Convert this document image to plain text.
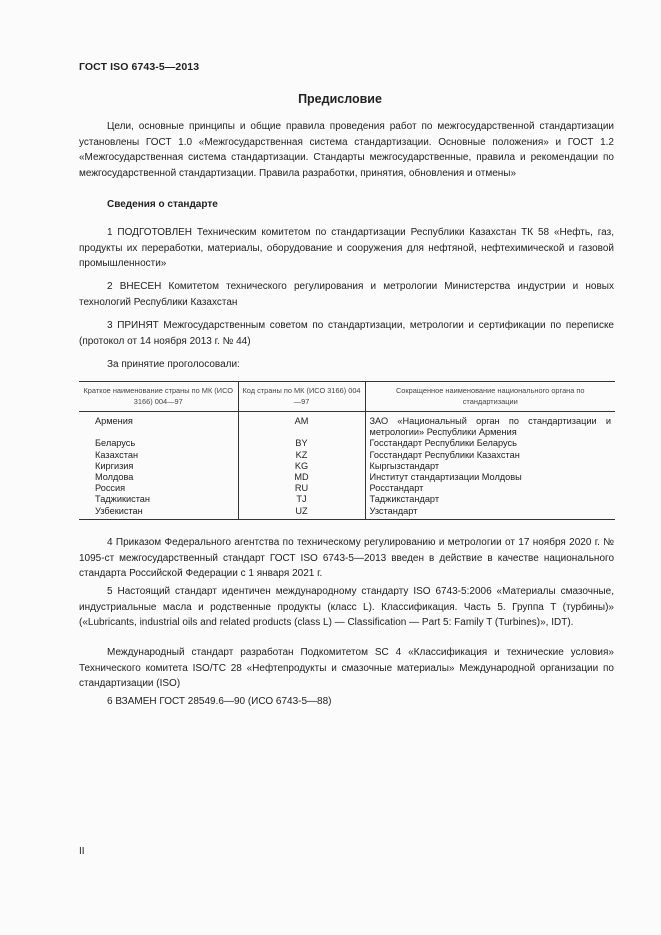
ГОСТ ISO 6743-5—2013
Предисловие
Цели, основные принципы и общие правила проведения работ по межгосударственной стандартизации установлены ГОСТ 1.0 «Межгосударственная система стандартизации. Основные положения» и ГОСТ 1.2 «Межгосударственная система стандартизации. Стандарты межгосударственные, правила и рекомендации по межгосударственной стандартизации. Правила разработки, принятия, обновления и отмены»
Сведения о стандарте
1 ПОДГОТОВЛЕН Техническим комитетом по стандартизации Республики Казахстан ТК 58 «Нефть, газ, продукты их переработки, материалы, оборудование и сооружения для нефтяной, нефтехимической и газовой промышленности»
2 ВНЕСЕН Комитетом технического регулирования и метрологии Министерства индустрии и новых технологий Республики Казахстан
3 ПРИНЯТ Межгосударственным советом по стандартизации, метрологии и сертификации по переписке (протокол от 14 ноября 2013 г. № 44)
За принятие проголосовали:
Краткое наименование страны по МК (ИСО 3166) 004—97	Код страны по МК (ИСО 3166) 004—97	Сокращенное наименование национального органа по стандартизации
Армения	AM	ЗАО «Национальный орган по стандартизации и метрологии» Республики Армения
Беларусь	BY	Госстандарт Республики Беларусь
Казахстан	KZ	Госстандарт Республики Казахстан
Киргизия	KG	Кыргызстандарт
Молдова	MD	Институт стандартизации Молдовы
Россия	RU	Росстандарт
Таджикистан	TJ	Таджикстандарт
Узбекистан	UZ	Узстандарт
4 Приказом Федерального агентства по техническому регулированию и метрологии от 17 ноября 2020 г. № 1095-ст межгосударственный стандарт ГОСТ ISO 6743-5—2013 введен в действие в качестве национального стандарта Российской Федерации с 1 января 2021 г.
5 Настоящий стандарт идентичен международному стандарту ISO 6743-5:2006 «Материалы смазочные, индустриальные масла и родственные продукты (класс L). Классификация. Часть 5. Группа T (турбины)» («Lubricants, industrial oils and related products (class L) — Classification — Part 5: Family T (Turbines)», IDT).
Международный стандарт разработан Подкомитетом SC 4 «Классификация и технические условия» Технического комитета ISO/TC 28 «Нефтепродукты и смазочные материалы» Международной организации по стандартизации (ISO)
6 ВЗАМЕН ГОСТ 28549.6—90 (ИСО 6743-5—88)
II
